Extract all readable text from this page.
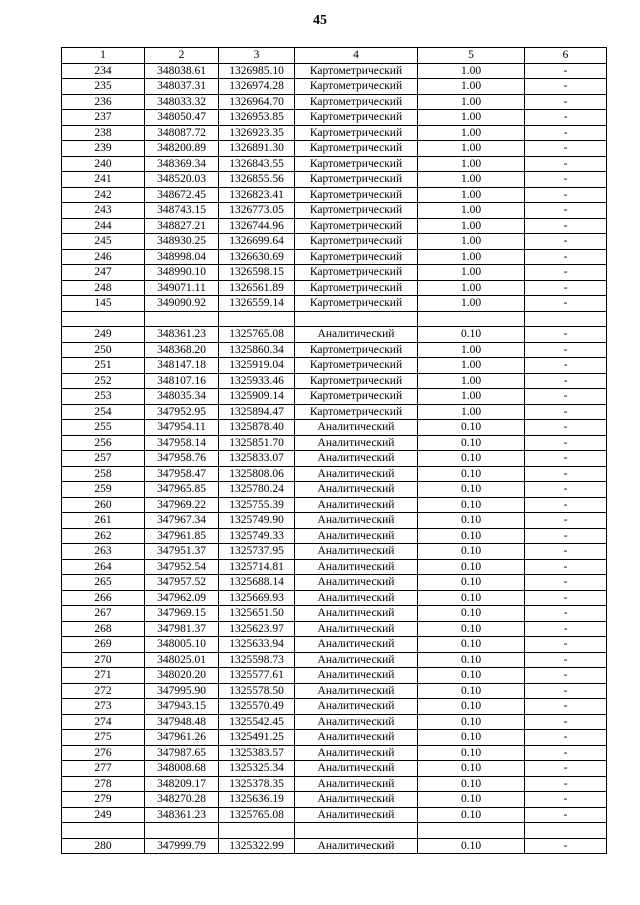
45
1	2	3	4	5	6
234	348038.61	1326985.10	Картометрический	1.00	-
235	348037.31	1326974.28	Картометрический	1.00	-
236	348033.32	1326964.70	Картометрический	1.00	-
237	348050.47	1326953.85	Картометрический	1.00	-
238	348087.72	1326923.35	Картометрический	1.00	-
239	348200.89	1326891.30	Картометрический	1.00	-
240	348369.34	1326843.55	Картометрический	1.00	-
241	348520.03	1326855.56	Картометрический	1.00	-
242	348672.45	1326823.41	Картометрический	1.00	-
243	348743.15	1326773.05	Картометрический	1.00	-
244	348827.21	1326744.96	Картометрический	1.00	-
245	348930.25	1326699.64	Картометрический	1.00	-
246	348998.04	1326630.69	Картометрический	1.00	-
247	348990.10	1326598.15	Картометрический	1.00	-
248	349071.11	1326561.89	Картометрический	1.00	-
145	349090.92	1326559.14	Картометрический	1.00	-

249	348361.23	1325765.08	Аналитический	0.10	-
250	348368.20	1325860.34	Картометрический	1.00	-
251	348147.18	1325919.04	Картометрический	1.00	-
252	348107.16	1325933.46	Картометрический	1.00	-
253	348035.34	1325909.14	Картометрический	1.00	-
254	347952.95	1325894.47	Картометрический	1.00	-
255	347954.11	1325878.40	Аналитический	0.10	-
256	347958.14	1325851.70	Аналитический	0.10	-
257	347958.76	1325833.07	Аналитический	0.10	-
258	347958.47	1325808.06	Аналитический	0.10	-
259	347965.85	1325780.24	Аналитический	0.10	-
260	347969.22	1325755.39	Аналитический	0.10	-
261	347967.34	1325749.90	Аналитический	0.10	-
262	347961.85	1325749.33	Аналитический	0.10	-
263	347951.37	1325737.95	Аналитический	0.10	-
264	347952.54	1325714.81	Аналитический	0.10	-
265	347957.52	1325688.14	Аналитический	0.10	-
266	347962.09	1325669.93	Аналитический	0.10	-
267	347969.15	1325651.50	Аналитический	0.10	-
268	347981.37	1325623.97	Аналитический	0.10	-
269	348005.10	1325633.94	Аналитический	0.10	-
270	348025.01	1325598.73	Аналитический	0.10	-
271	348020.20	1325577.61	Аналитический	0.10	-
272	347995.90	1325578.50	Аналитический	0.10	-
273	347943.15	1325570.49	Аналитический	0.10	-
274	347948.48	1325542.45	Аналитический	0.10	-
275	347961.26	1325491.25	Аналитический	0.10	-
276	347987.65	1325383.57	Аналитический	0.10	-
277	348008.68	1325325.34	Аналитический	0.10	-
278	348209.17	1325378.35	Аналитический	0.10	-
279	348270.28	1325636.19	Аналитический	0.10	-
249	348361.23	1325765.08	Аналитический	0.10	-

280	347999.79	1325322.99	Аналитический	0.10	-
